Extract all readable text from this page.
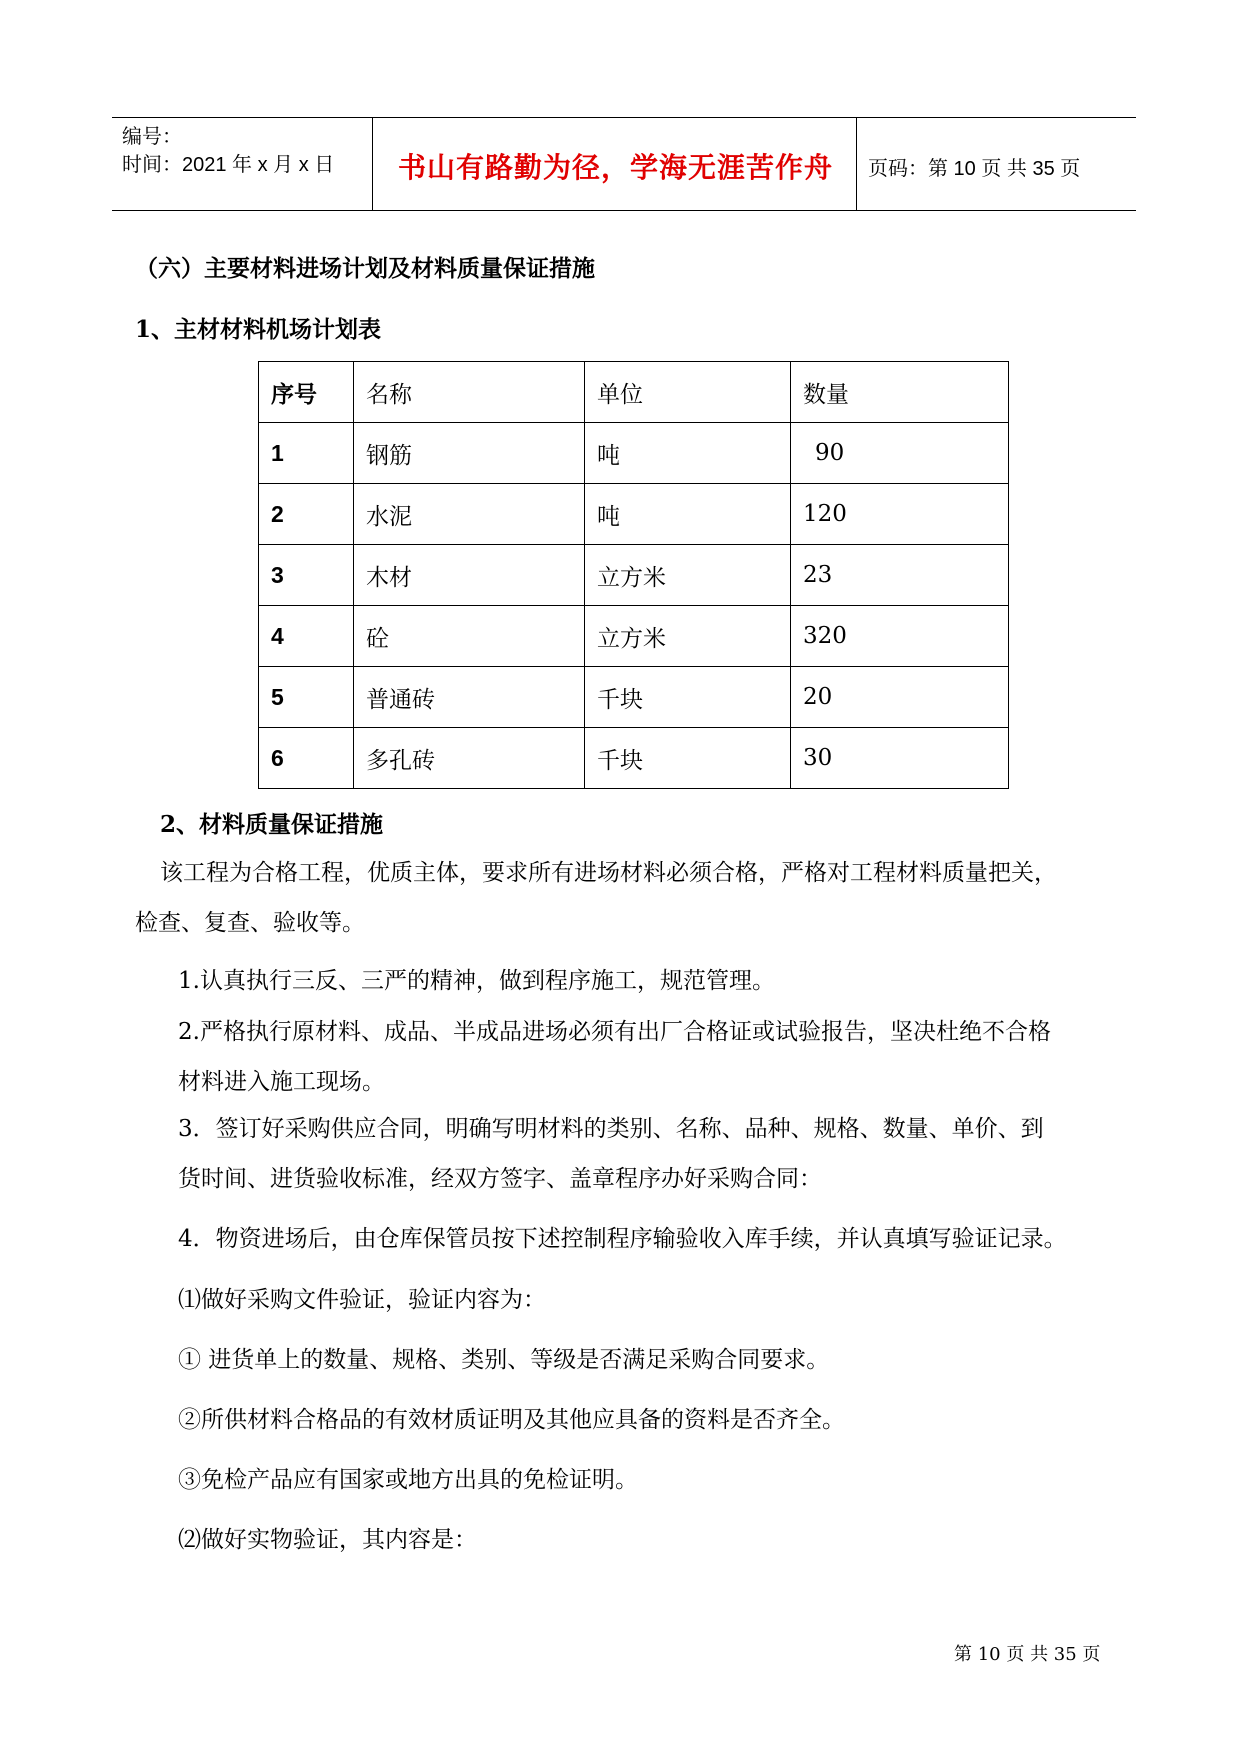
编号：
时间：2021 年 x 月 x 日 书山有路勤为径，学海无涯苦作舟 页码：第 10 页 共 35 页
（六）主要材料进场计划及材料质量保证措施
1、主材材料机场计划表
序号	名称	单位	数量
1	钢筋	吨	90
2	水泥	吨	120
3	木材	立方米	23
4	砼	立方米	320
5	普通砖	千块	20
6	多孔砖	千块	30
2、材料质量保证措施
该工程为合格工程，优质主体，要求所有进场材料必须合格，严格对工程材料质量把关，
检查、复查、验收等。
1.认真执行三反、三严的精神，做到程序施工，规范管理。
2.严格执行原材料、成品、半成品进场必须有出厂合格证或试验报告，坚决杜绝不合格
材料进入施工现场。
3．签订好采购供应合同，明确写明材料的类别、名称、品种、规格、数量、单价、到
货时间、进货验收标准，经双方签字、盖章程序办好采购合同：
4．物资进场后，由仓库保管员按下述控制程序输验收入库手续，并认真填写验证记录。
⑴做好采购文件验证，验证内容为：
① 进货单上的数量、规格、类别、等级是否满足采购合同要求。
②所供材料合格品的有效材质证明及其他应具备的资料是否齐全。
③免检产品应有国家或地方出具的免检证明。
⑵做好实物验证，其内容是：
第 10 页 共 35 页
